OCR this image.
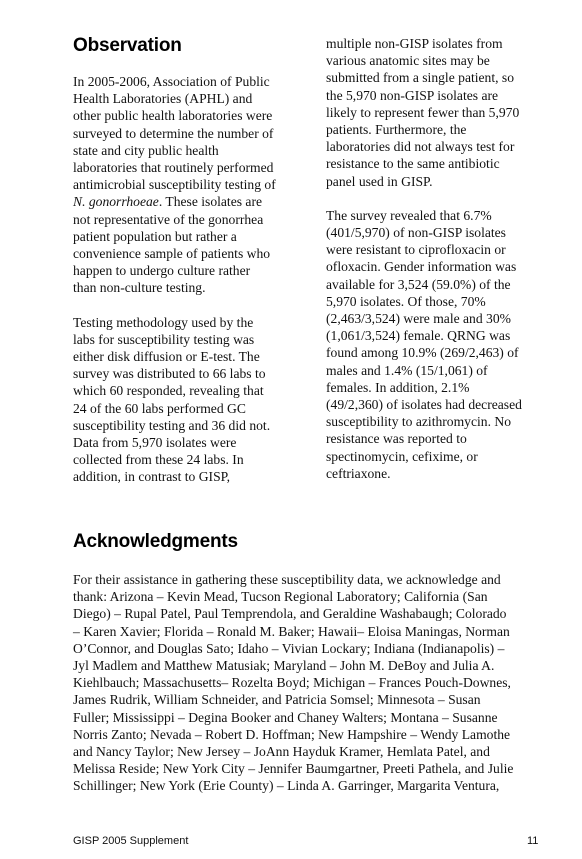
Observation

In 2005-2006, Association of Public
Health Laboratories (APHL) and
other public health laboratories were
surveyed to determine the number of
state and city public health
laboratories that routinely performed
antimicrobial susceptibility testing of
N. gonorrhoeae. These isolates are
not representative of the gonorrhea
patient population but rather a
convenience sample of patients who
happen to undergo culture rather
than non-culture testing.

Testing methodology used by the
labs for susceptibility testing was
either disk diffusion or E-test. The
survey was distributed to 66 labs to
which 60 responded, revealing that
24 of the 60 labs performed GC
susceptibility testing and 36 did not.
Data from 5,970 isolates were
collected from these 24 labs. In
addition, in contrast to GISP,

multiple non-GISP isolates from
various anatomic sites may be
submitted from a single patient, so
the 5,970 non-GISP isolates are
likely to represent fewer than 5,970
patients. Furthermore, the
laboratories did not always test for
resistance to the same antibiotic
panel used in GISP.

The survey revealed that 6.7%
(401/5,970) of non-GISP isolates
were resistant to ciprofloxacin or
ofloxacin. Gender information was
available for 3,524 (59.0%) of the
5,970 isolates. Of those, 70%
(2,463/3,524) were male and 30%
(1,061/3,524) female. QRNG was
found among 10.9% (269/2,463) of
males and 1.4% (15/1,061) of
females. In addition, 2.1%
(49/2,360) of isolates had decreased
susceptibility to azithromycin. No
resistance was reported to
spectinomycin, cefixime, or
ceftriaxone.

Acknowledgments

For their assistance in gathering these susceptibility data, we acknowledge and
thank: Arizona – Kevin Mead, Tucson Regional Laboratory; California (San
Diego) – Rupal Patel, Paul Temprendola, and Geraldine Washabaugh; Colorado
– Karen Xavier; Florida – Ronald M. Baker; Hawaii– Eloisa Maningas, Norman
O’Connor, and Douglas Sato; Idaho – Vivian Lockary; Indiana (Indianapolis) –
Jyl Madlem and Matthew Matusiak; Maryland – John M. DeBoy and Julia A.
Kiehlbauch; Massachusetts– Rozelta Boyd; Michigan – Frances Pouch-Downes,
James Rudrik, William Schneider, and Patricia Somsel; Minnesota – Susan
Fuller; Mississippi – Degina Booker and Chaney Walters; Montana – Susanne
Norris Zanto; Nevada – Robert D. Hoffman; New Hampshire – Wendy Lamothe
and Nancy Taylor; New Jersey – JoAnn Hayduk Kramer, Hemlata Patel, and
Melissa Reside; New York City – Jennifer Baumgartner, Preeti Pathela, and Julie
Schillinger; New York (Erie County) – Linda A. Garringer, Margarita Ventura,

GISP 2005 Supplement	11
